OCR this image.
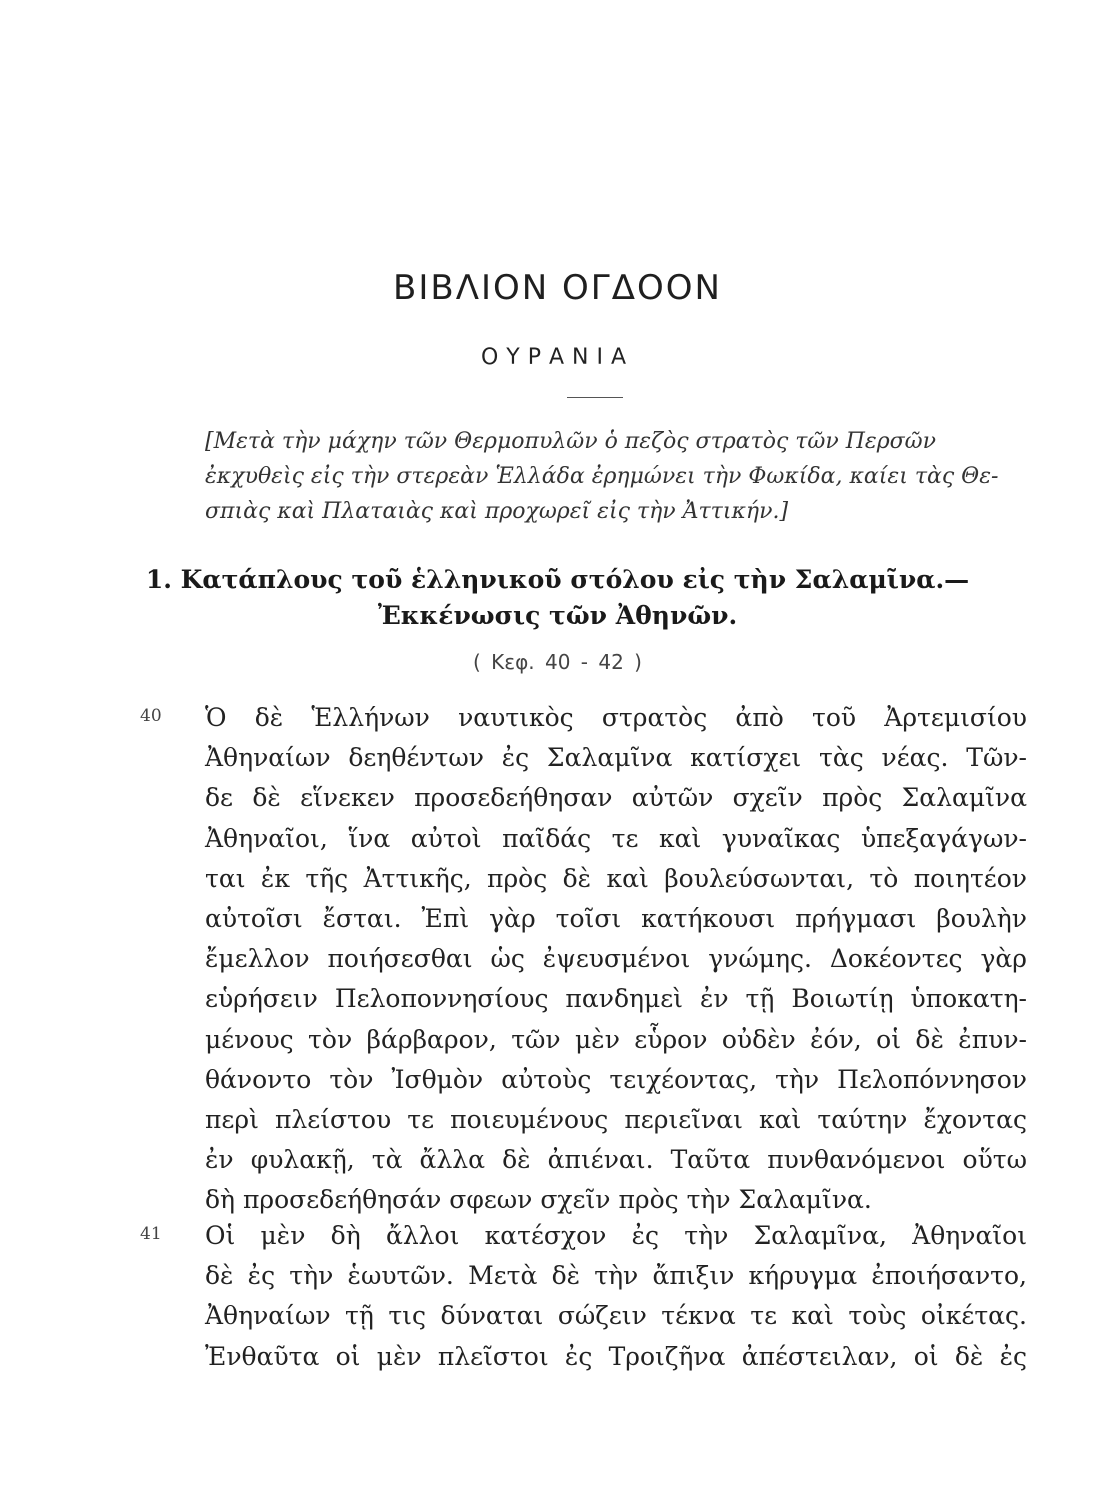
ΒΙΒΛΙΟΝ ΟΓΔΟΟΝ
ΟΥΡΑΝΙΑ
[Μετὰ τὴν μάχην τῶν Θερμοπυλῶν ὁ πεζὸς στρατὸς τῶν Περσῶν
ἐκχυθεὶς εἰς τὴν στερεὰν Ἑλλάδα ἐρημώνει τὴν Φωκίδα, καίει τὰς Θε-
σπιὰς καὶ Πλαταιὰς καὶ προχωρεῖ εἰς τὴν Ἀττικήν.]
1. Κατάπλους τοῦ ἑλληνικοῦ στόλου εἰς τὴν Σαλαμῖνα.—
Ἐκκένωσις τῶν Ἀθηνῶν.
( Κεφ. 40 - 42 )
40 Ὁ δὲ Ἑλλήνων ναυτικὸς στρατὸς ἀπὸ τοῦ Ἀρτεμισίου
Ἀθηναίων δεηθέντων ἐς Σαλαμῖνα κατίσχει τὰς νέας. Τῶν-
δε δὲ εἵνεκεν προσεδεήθησαν αὐτῶν σχεῖν πρὸς Σαλαμῖνα
Ἀθηναῖοι, ἵνα αὐτοὶ παῖδάς τε καὶ γυναῖκας ὑπεξαγάγων-
ται ἐκ τῆς Ἀττικῆς, πρὸς δὲ καὶ βουλεύσωνται, τὸ ποιητέον
αὐτοῖσι ἔσται. Ἐπὶ γὰρ τοῖσι κατήκουσι πρήγμασι βουλὴν
ἔμελλον ποιήσεσθαι ὡς ἐψευσμένοι γνώμης. Δοκέοντες γὰρ
εὑρήσειν Πελοποννησίους πανδημεὶ ἐν τῇ Βοιωτίῃ ὑποκατη-
μένους τὸν βάρβαρον, τῶν μὲν εὗρον οὐδὲν ἐόν, οἱ δὲ ἐπυν-
θάνοντο τὸν Ἰσθμὸν αὐτοὺς τειχέοντας, τὴν Πελοπόννησον
περὶ πλείστου τε ποιευμένους περιεῖναι καὶ ταύτην ἔχοντας
ἐν φυλακῇ, τὰ ἄλλα δὲ ἀπιέναι. Ταῦτα πυνθανόμενοι οὕτω
δὴ προσεδεήθησάν σφεων σχεῖν πρὸς τὴν Σαλαμῖνα.
41 Οἱ μὲν δὴ ἄλλοι κατέσχον ἐς τὴν Σαλαμῖνα, Ἀθηναῖοι
δὲ ἐς τὴν ἑωυτῶν. Μετὰ δὲ τὴν ἄπιξιν κήρυγμα ἐποιήσαντο,
Ἀθηναίων τῇ τις δύναται σώζειν τέκνα τε καὶ τοὺς οἰκέτας.
Ἐνθαῦτα οἱ μὲν πλεῖστοι ἐς Τροιζῆνα ἀπέστειλαν, οἱ δὲ ἐς
